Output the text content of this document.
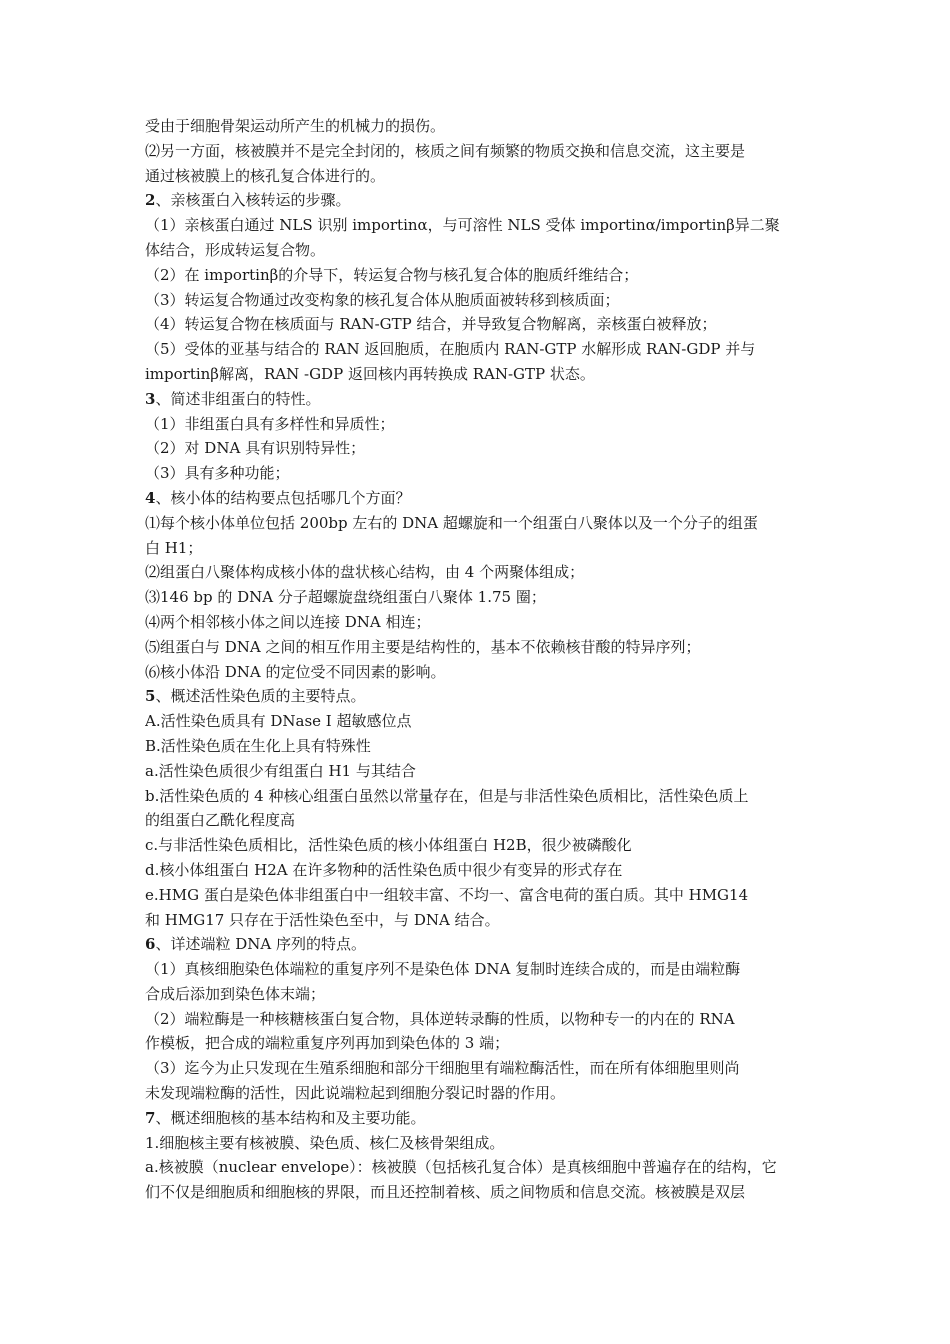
受由于细胞骨架运动所产生的机械力的损伤。
⑵另一方面，核被膜并不是完全封闭的，核质之间有频繁的物质交换和信息交流，这主要是
通过核被膜上的核孔复合体进行的。
2、亲核蛋白入核转运的步骤。
（1）亲核蛋白通过 NLS 识别 importinα，与可溶性 NLS 受体 importinα/importinβ异二聚
体结合，形成转运复合物。
（2）在 importinβ的介导下，转运复合物与核孔复合体的胞质纤维结合；
（3）转运复合物通过改变构象的核孔复合体从胞质面被转移到核质面；
（4）转运复合物在核质面与 RAN-GTP 结合，并导致复合物解离，亲核蛋白被释放；
（5）受体的亚基与结合的 RAN 返回胞质，在胞质内 RAN-GTP 水解形成 RAN-GDP 并与
importinβ解离，RAN -GDP 返回核内再转换成 RAN-GTP 状态。
3、简述非组蛋白的特性。
（1）非组蛋白具有多样性和异质性；
（2）对 DNA 具有识别特异性；
（3）具有多种功能；
4、核小体的结构要点包括哪几个方面？
⑴每个核小体单位包括 200bp 左右的 DNA 超螺旋和一个组蛋白八聚体以及一个分子的组蛋
白 H1；
⑵组蛋白八聚体构成核小体的盘状核心结构，由 4 个两聚体组成；
⑶146 bp 的 DNA 分子超螺旋盘绕组蛋白八聚体 1.75 圈；
⑷两个相邻核小体之间以连接 DNA 相连；
⑸组蛋白与 DNA 之间的相互作用主要是结构性的，基本不依赖核苷酸的特异序列；
⑹核小体沿 DNA 的定位受不同因素的影响。
5、概述活性染色质的主要特点。
A.活性染色质具有 DNase I 超敏感位点
B.活性染色质在生化上具有特殊性
a.活性染色质很少有组蛋白 H1 与其结合
b.活性染色质的 4 种核心组蛋白虽然以常量存在，但是与非活性染色质相比，活性染色质上
的组蛋白乙酰化程度高
c.与非活性染色质相比，活性染色质的核小体组蛋白 H2B，很少被磷酸化
d.核小体组蛋白 H2A 在许多物种的活性染色质中很少有变异的形式存在
e.HMG 蛋白是染色体非组蛋白中一组较丰富、不均一、富含电荷的蛋白质。其中 HMG14
和 HMG17 只存在于活性染色至中，与 DNA 结合。
6、详述端粒 DNA 序列的特点。
（1）真核细胞染色体端粒的重复序列不是染色体 DNA 复制时连续合成的，而是由端粒酶
合成后添加到染色体末端；
（2）端粒酶是一种核糖核蛋白复合物，具体逆转录酶的性质，以物种专一的内在的 RNA
作模板，把合成的端粒重复序列再加到染色体的 3 端；
（3）迄今为止只发现在生殖系细胞和部分干细胞里有端粒酶活性，而在所有体细胞里则尚
未发现端粒酶的活性，因此说端粒起到细胞分裂记时器的作用。
7、概述细胞核的基本结构和及主要功能。
1.细胞核主要有核被膜、染色质、核仁及核骨架组成。
a.核被膜（nuclear envelope）：核被膜（包括核孔复合体）是真核细胞中普遍存在的结构，它
们不仅是细胞质和细胞核的界限，而且还控制着核、质之间物质和信息交流。核被膜是双层
